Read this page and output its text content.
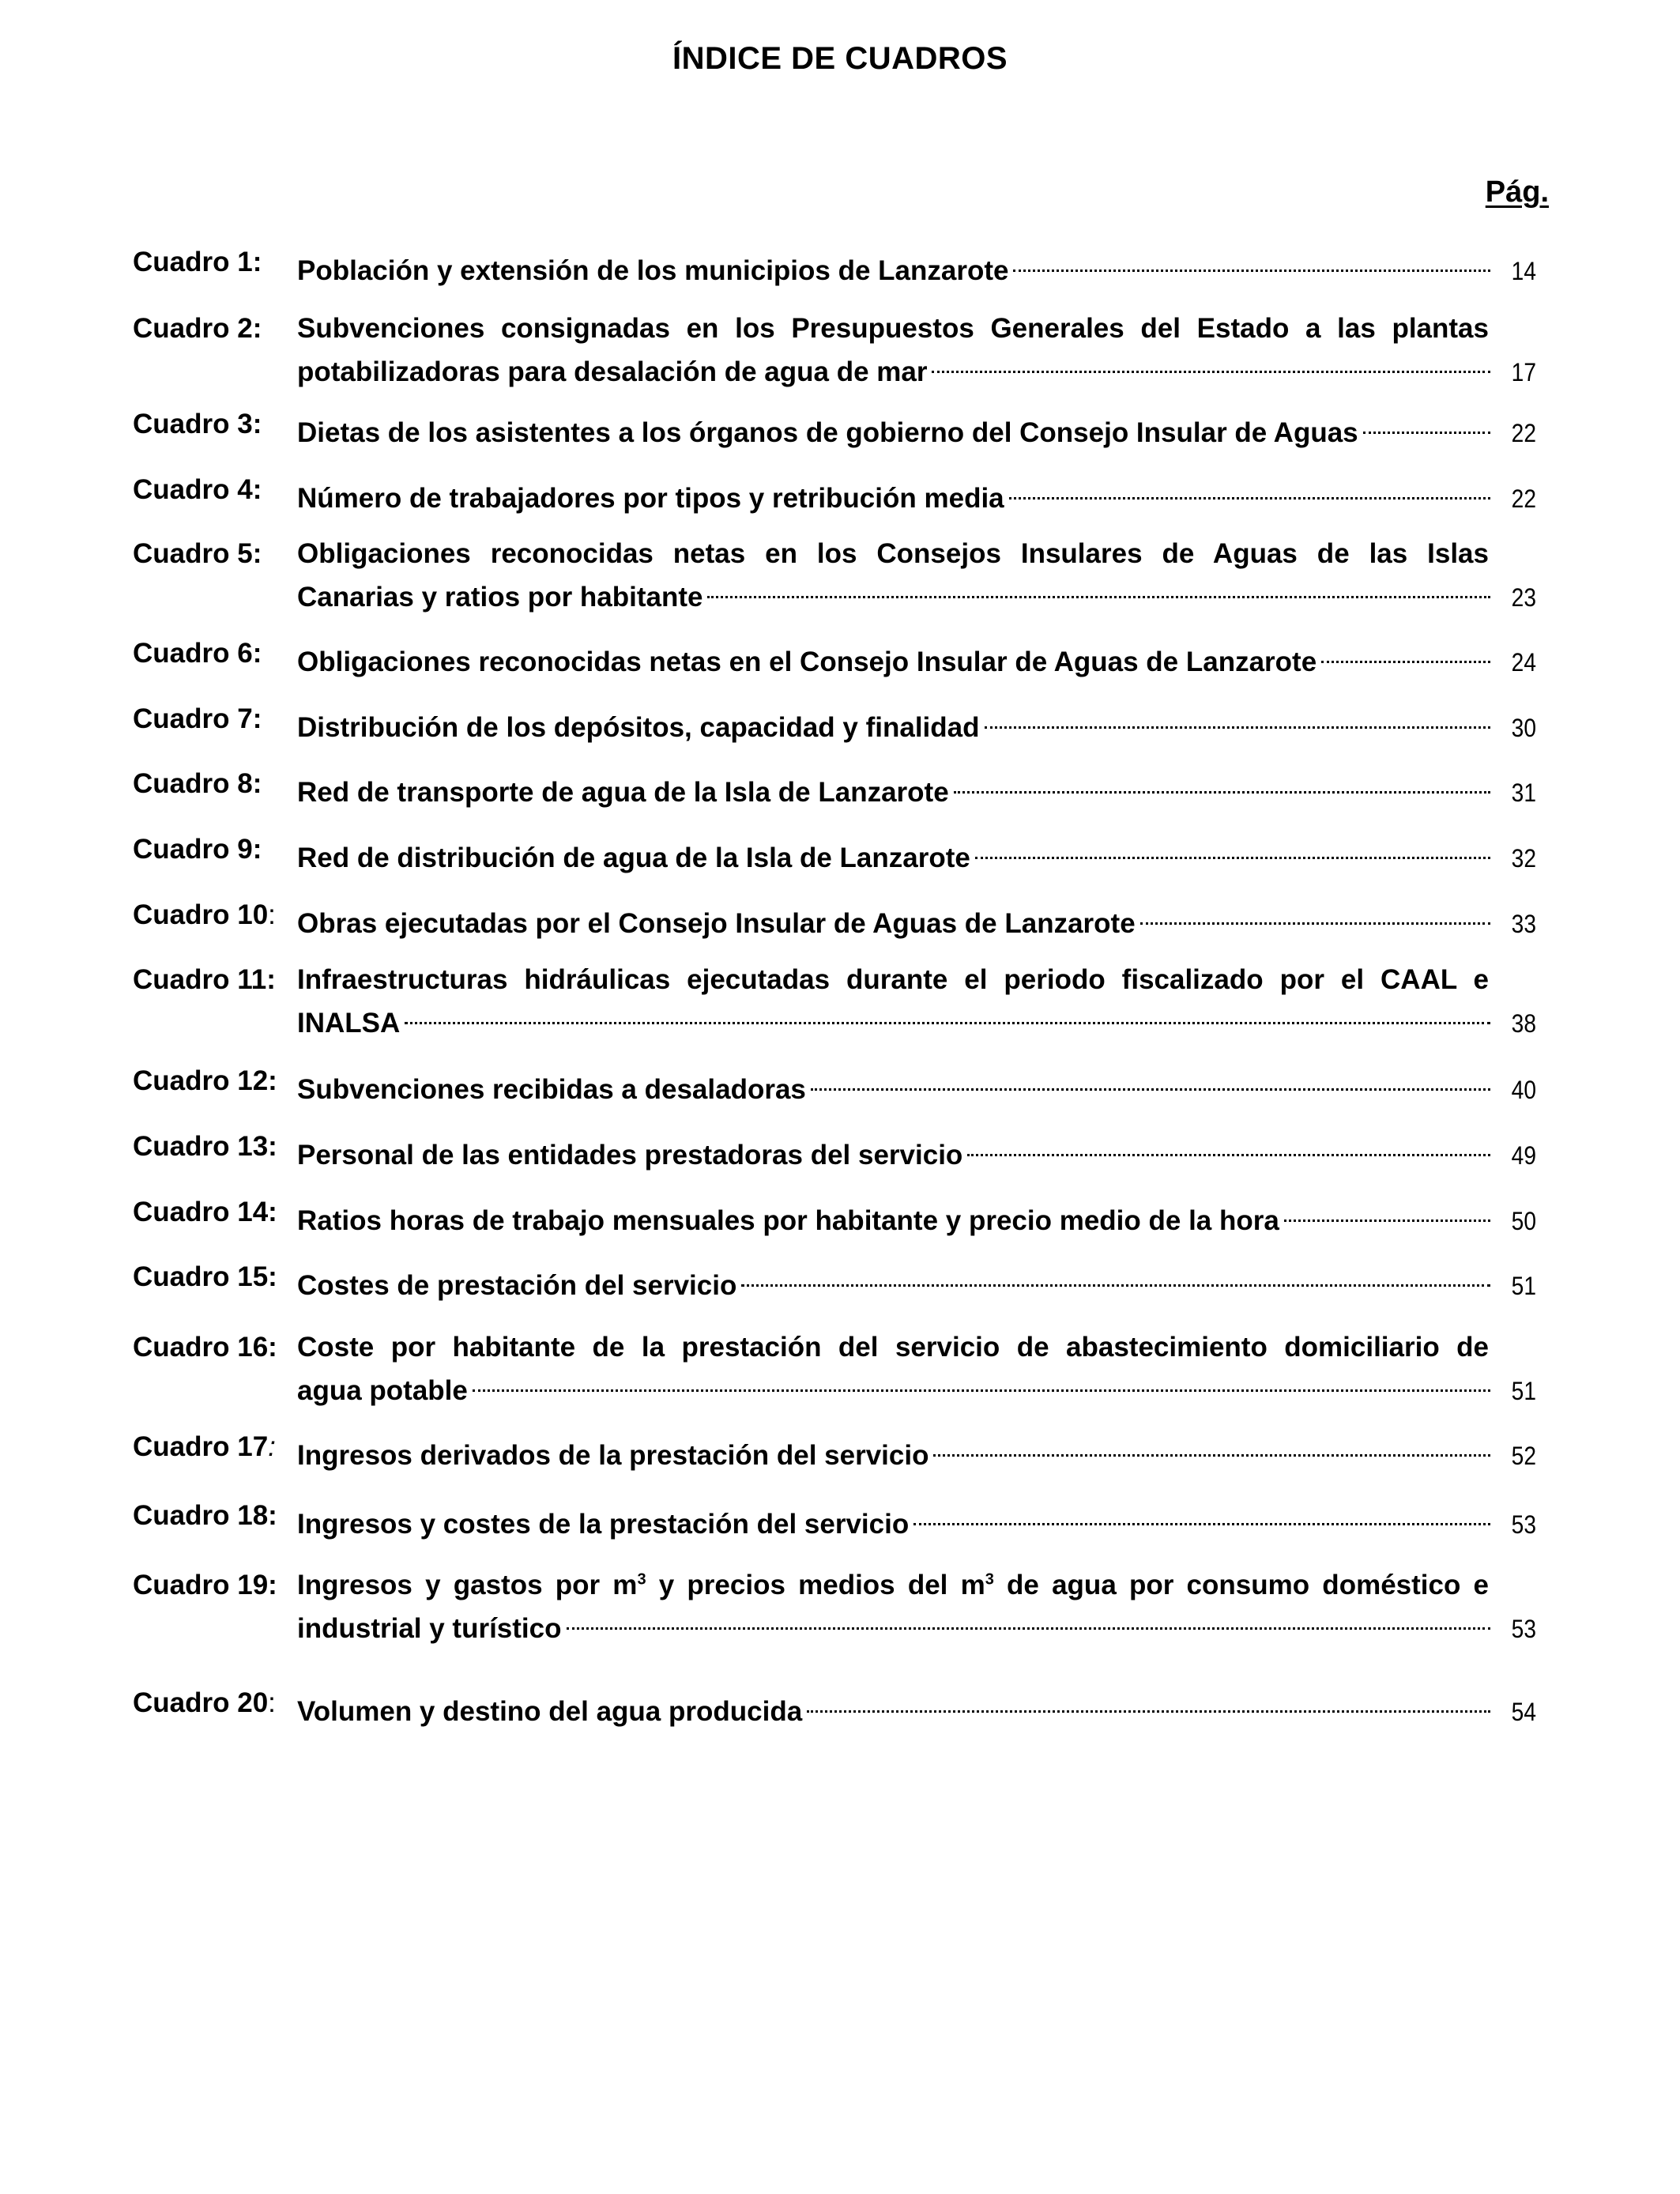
ÍNDICE DE CUADROS
Pág.
Cuadro 1:	Población y extensión de los municipios de Lanzarote	14
Cuadro 2:	Subvenciones consignadas en los Presupuestos Generales del Estado a las plantas
potabilizadoras para desalación de agua de mar	17
Cuadro 3:	Dietas de los asistentes a los órganos de gobierno del Consejo Insular de Aguas	22
Cuadro 4:	Número de trabajadores por tipos y retribución media	22
Cuadro 5:	Obligaciones reconocidas netas en los Consejos Insulares de Aguas de las Islas
Canarias y ratios por habitante	23
Cuadro 6:	Obligaciones reconocidas netas en el Consejo Insular de Aguas de Lanzarote	24
Cuadro 7:	Distribución de los depósitos, capacidad y finalidad	30
Cuadro 8:	Red de transporte de agua de la Isla de Lanzarote	31
Cuadro 9:	Red de distribución de agua de la Isla de Lanzarote	32
Cuadro 10: Obras ejecutadas por el Consejo Insular de Aguas de Lanzarote	33
Cuadro 11: Infraestructuras hidráulicas ejecutadas durante el periodo fiscalizado por el CAAL e
INALSA	38
Cuadro 12: Subvenciones recibidas a desaladoras	40
Cuadro 13: Personal de las entidades prestadoras del servicio	49
Cuadro 14: Ratios horas de trabajo mensuales por habitante y precio medio de la hora	50
Cuadro 15: Costes de prestación del servicio	51
Cuadro 16: Coste por habitante de la prestación del servicio de abastecimiento domiciliario de
agua potable	51
Cuadro 17: Ingresos derivados de la prestación del servicio	52
Cuadro 18: Ingresos y costes de la prestación del servicio	53
Cuadro 19: Ingresos y gastos por $m^3$ y precios medios del $m^3$ de agua por consumo doméstico e
industrial y turístico	53
Cuadro 20: Volumen y destino del agua producida	54
